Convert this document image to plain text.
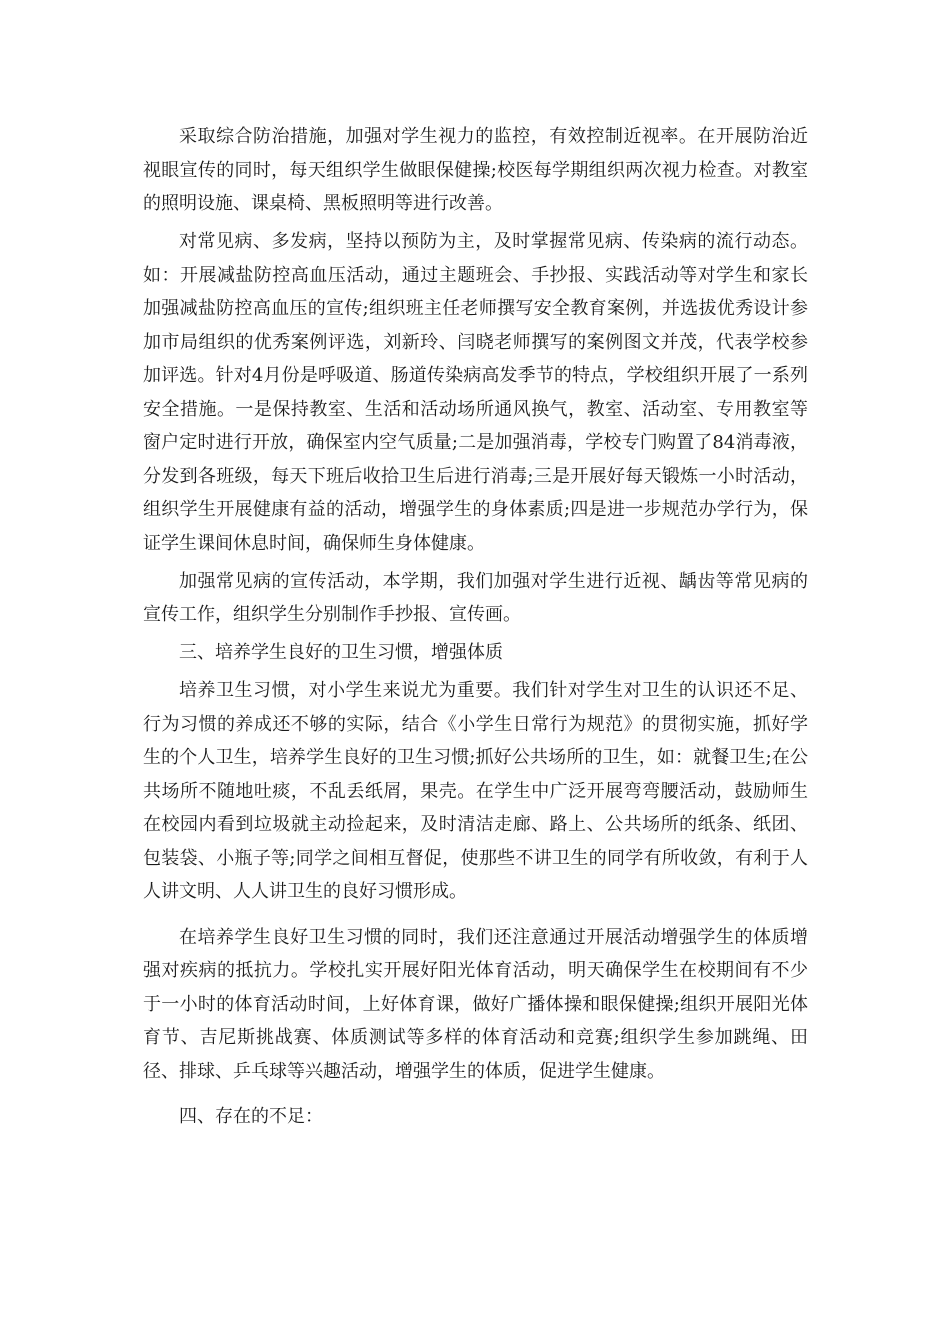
采取综合防治措施，加强对学生视力的监控，有效控制近视率。在开展防治近视眼宣传的同时，每天组织学生做眼保健操;校医每学期组织两次视力检查。对教室的照明设施、课桌椅、黑板照明等进行改善。

对常见病、多发病，坚持以预防为主，及时掌握常见病、传染病的流行动态。如：开展减盐防控高血压活动，通过主题班会、手抄报、实践活动等对学生和家长加强减盐防控高血压的宣传;组织班主任老师撰写安全教育案例，并选拔优秀设计参加市局组织的优秀案例评选，刘新玲、闫晓老师撰写的案例图文并茂，代表学校参加评选。针对4月份是呼吸道、肠道传染病高发季节的特点，学校组织开展了一系列安全措施。一是保持教室、生活和活动场所通风换气，教室、活动室、专用教室等窗户定时进行开放，确保室内空气质量;二是加强消毒，学校专门购置了84消毒液，分发到各班级，每天下班后收拾卫生后进行消毒;三是开展好每天锻炼一小时活动，组织学生开展健康有益的活动，增强学生的身体素质;四是进一步规范办学行为，保证学生课间休息时间，确保师生身体健康。

加强常见病的宣传活动，本学期，我们加强对学生进行近视、龋齿等常见病的宣传工作，组织学生分别制作手抄报、宣传画。

三、培养学生良好的卫生习惯，增强体质

培养卫生习惯，对小学生来说尤为重要。我们针对学生对卫生的认识还不足、行为习惯的养成还不够的实际，结合《小学生日常行为规范》的贯彻实施，抓好学生的个人卫生，培养学生良好的卫生习惯;抓好公共场所的卫生，如：就餐卫生;在公共场所不随地吐痰，不乱丢纸屑，果壳。在学生中广泛开展弯弯腰活动，鼓励师生在校园内看到垃圾就主动捡起来，及时清洁走廊、路上、公共场所的纸条、纸团、包装袋、小瓶子等;同学之间相互督促，使那些不讲卫生的同学有所收敛，有利于人人讲文明、人人讲卫生的良好习惯形成。

在培养学生良好卫生习惯的同时，我们还注意通过开展活动增强学生的体质增强对疾病的抵抗力。学校扎实开展好阳光体育活动，明天确保学生在校期间有不少于一小时的体育活动时间，上好体育课，做好广播体操和眼保健操;组织开展阳光体育节、吉尼斯挑战赛、体质测试等多样的体育活动和竞赛;组织学生参加跳绳、田径、排球、乒乓球等兴趣活动，增强学生的体质，促进学生健康。

四、存在的不足：
